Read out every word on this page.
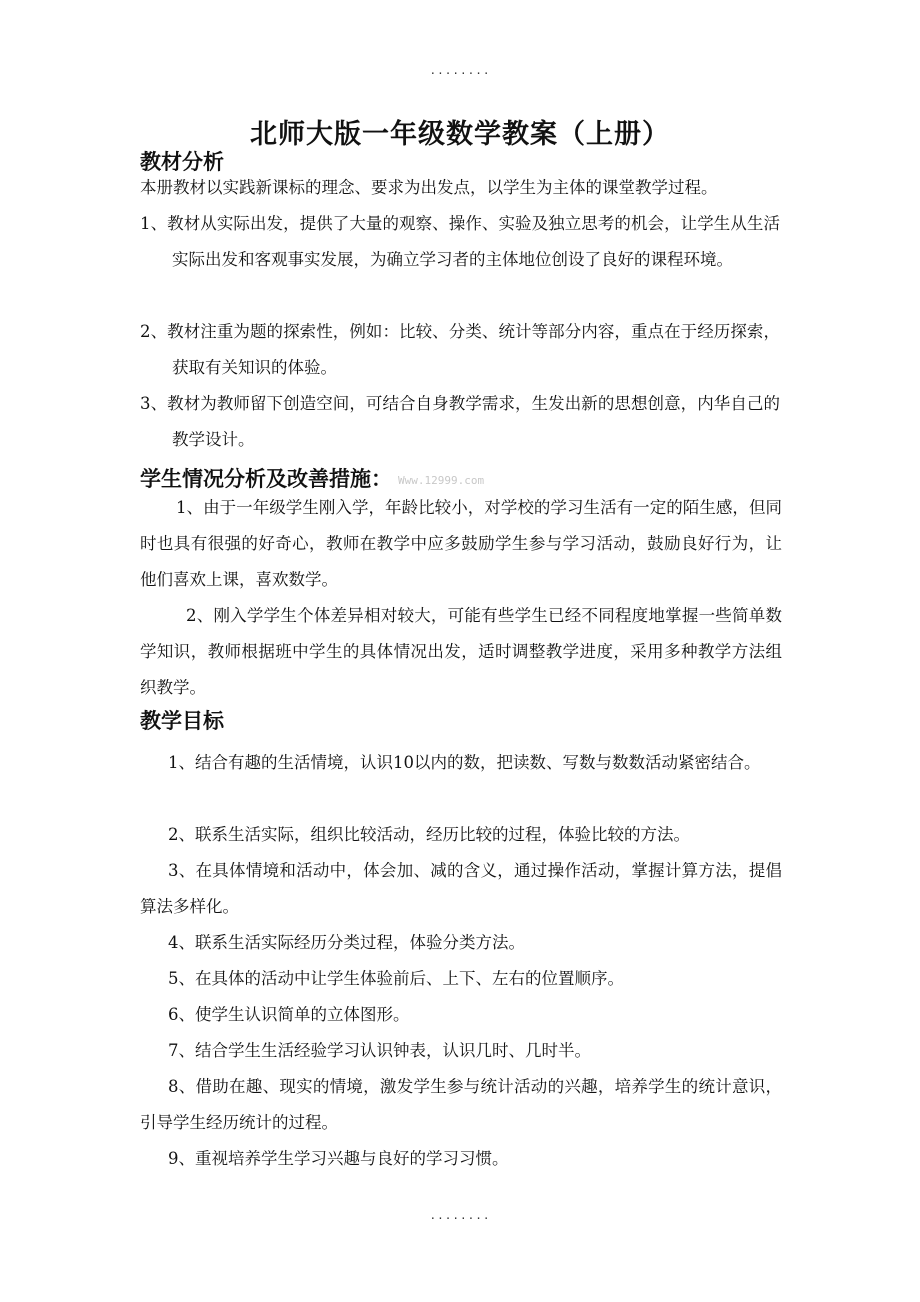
........
北师大版一年级数学教案（上册）
教材分析
本册教材以实践新课标的理念、要求为出发点，以学生为主体的课堂教学过程。
1、教材从实际出发，提供了大量的观察、操作、实验及独立思考的机会，让学生从生活实际出发和客观事实发展，为确立学习者的主体地位创设了良好的课程环境。
2、教材注重为题的探索性，例如：比较、分类、统计等部分内容，重点在于经历探索，获取有关知识的体验。
3、教材为教师留下创造空间，可结合自身教学需求，生发出新的思想创意，内华自己的教学设计。
学生情况分析及改善措施： Www.12999.com
1、由于一年级学生刚入学，年龄比较小，对学校的学习生活有一定的陌生感，但同时也具有很强的好奇心，教师在教学中应多鼓励学生参与学习活动，鼓励良好行为，让他们喜欢上课，喜欢数学。
2、刚入学学生个体差异相对较大，可能有些学生已经不同程度地掌握一些简单数学知识，教师根据班中学生的具体情况出发，适时调整教学进度，采用多种教学方法组织教学。
教学目标
1、结合有趣的生活情境，认识10以内的数，把读数、写数与数数活动紧密结合。
2、联系生活实际，组织比较活动，经历比较的过程，体验比较的方法。
3、在具体情境和活动中，体会加、减的含义，通过操作活动，掌握计算方法，提倡算法多样化。
4、联系生活实际经历分类过程，体验分类方法。
5、在具体的活动中让学生体验前后、上下、左右的位置顺序。
6、使学生认识简单的立体图形。
7、结合学生生活经验学习认识钟表，认识几时、几时半。
8、借助在趣、现实的情境，激发学生参与统计活动的兴趣，培养学生的统计意识，引导学生经历统计的过程。
9、重视培养学生学习兴趣与良好的学习习惯。
........
